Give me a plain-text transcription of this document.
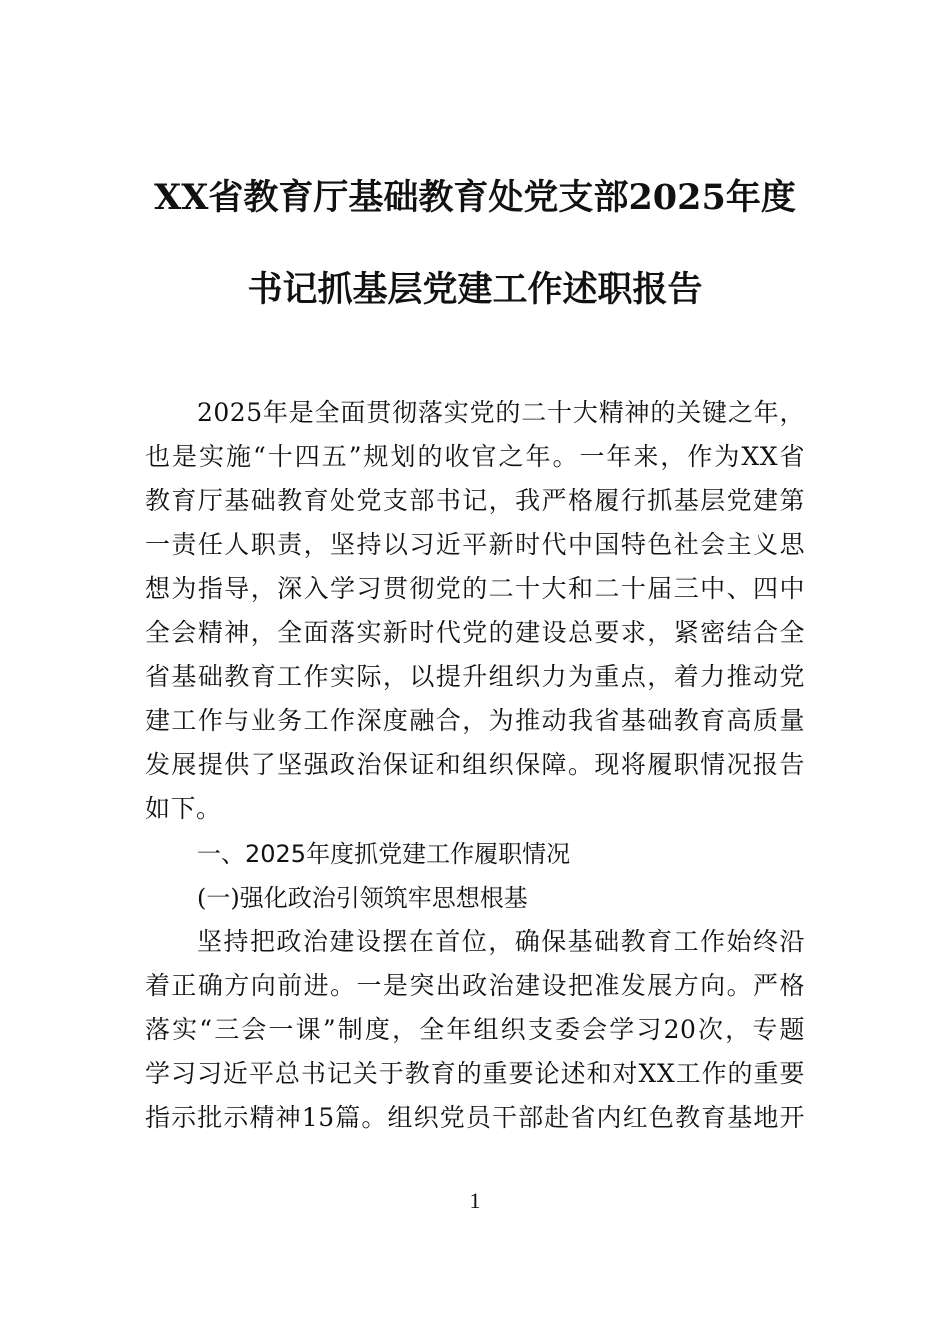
XX省教育厅基础教育处党支部2025年度
书记抓基层党建工作述职报告
2025年是全面贯彻落实党的二十大精神的关键之年，
也是实施“十四五”规划的收官之年。一年来，作为XX省
教育厅基础教育处党支部书记，我严格履行抓基层党建第
一责任人职责，坚持以习近平新时代中国特色社会主义思
想为指导，深入学习贯彻党的二十大和二十届三中、四中
全会精神，全面落实新时代党的建设总要求，紧密结合全
省基础教育工作实际，以提升组织力为重点，着力推动党
建工作与业务工作深度融合，为推动我省基础教育高质量
发展提供了坚强政治保证和组织保障。现将履职情况报告
如下。
一、2025年度抓党建工作履职情况
(一)强化政治引领筑牢思想根基
坚持把政治建设摆在首位，确保基础教育工作始终沿
着正确方向前进。一是突出政治建设把准发展方向。严格
落实“三会一课”制度，全年组织支委会学习20次，专题
学习习近平总书记关于教育的重要论述和对XX工作的重要
指示批示精神15篇。组织党员干部赴省内红色教育基地开
1
